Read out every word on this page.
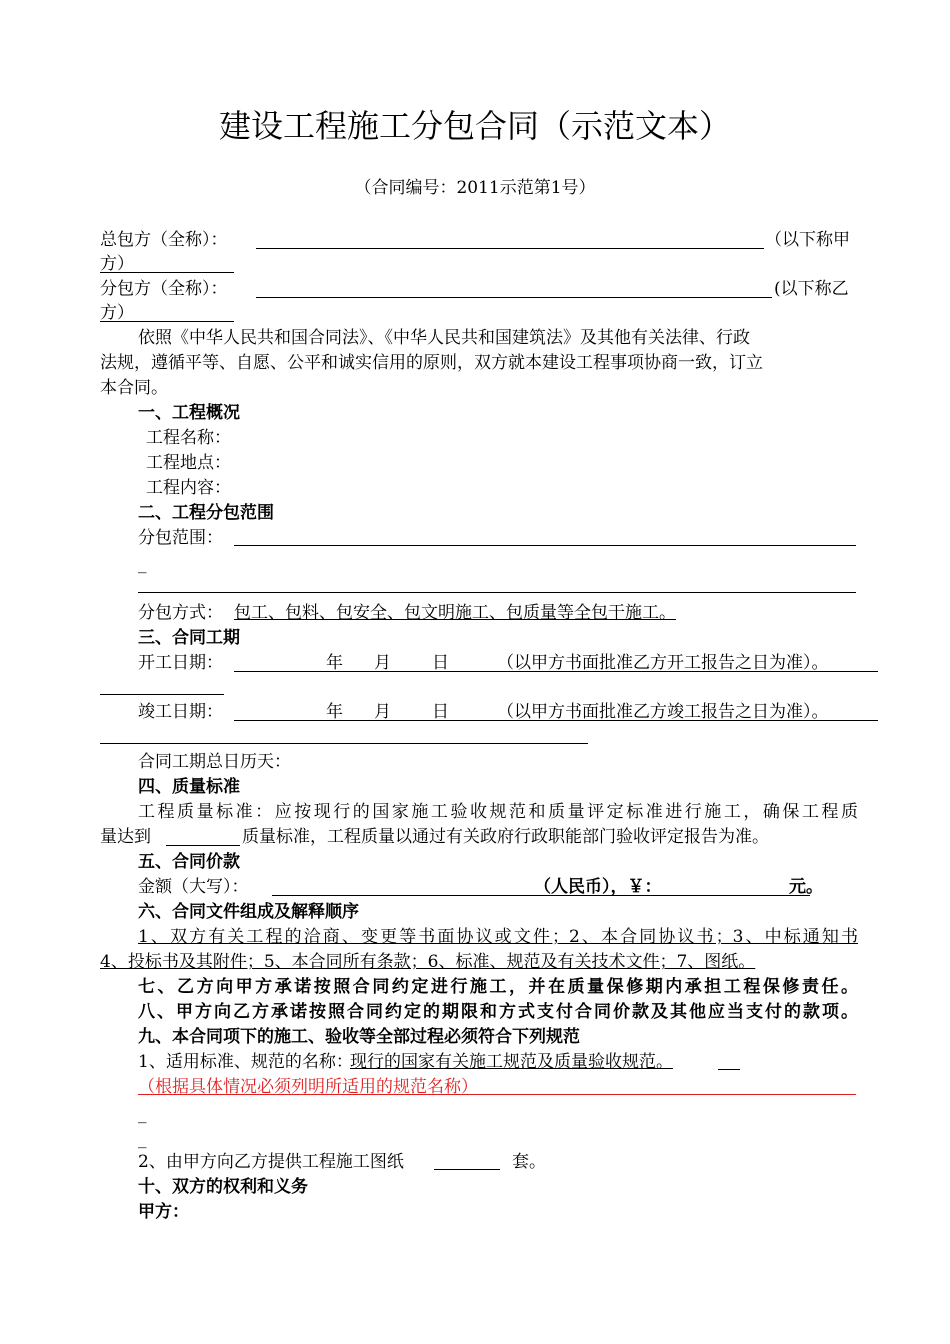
建设工程施工分包合同（示范文本）
（合同编号：2011示范第1号）
总包方（全称）：	（以下称甲
方）
分包方（全称）：	(以下称乙
方）
依照《中华人民共和国合同法》、《中华人民共和国建筑法》及其他有关法律、行政
法规，遵循平等、自愿、公平和诚实信用的原则，双方就本建设工程事项协商一致，订立
本合同。
一、工程概况
工程名称：
工程地点：
工程内容：
二、工程分包范围
分包范围：
_
分包方式： 包工、包料、包安全、包文明施工、包质量等全包干施工。
三、合同工期
开工日期：	年 月 日	（以甲方书面批准乙方开工报告之日为准）。
竣工日期：	年 月 日	（以甲方书面批准乙方竣工报告之日为准）。
合同工期总日历天：
四、质量标准
工程质量标准：应按现行的国家施工验收规范和质量评定标准进行施工，确保工程质
量达到	质量标准，工程质量以通过有关政府行政职能部门验收评定报告为准。
五、合同价款
金额（大写）：	（人民币），￥：	元。
六、合同文件组成及解释顺序
1、双方有关工程的洽商、变更等书面协议或文件；2、本合同协议书；3、中标通知书
4、投标书及其附件；5、本合同所有条款；6、标准、规范及有关技术文件；7、图纸。
七、乙方向甲方承诺按照合同约定进行施工，并在质量保修期内承担工程保修责任。
八、甲方向乙方承诺按照合同约定的期限和方式支付合同价款及其他应当支付的款项。
九、本合同项下的施工、验收等全部过程必须符合下列规范
1、适用标准、规范的名称：
现行的国家有关施工规范及质量验收规范。
（根据具体情况必须列明所适用的规范名称）
_
_
2、由甲方向乙方提供工程施工图纸	套。
十、双方的权利和义务
甲方：
